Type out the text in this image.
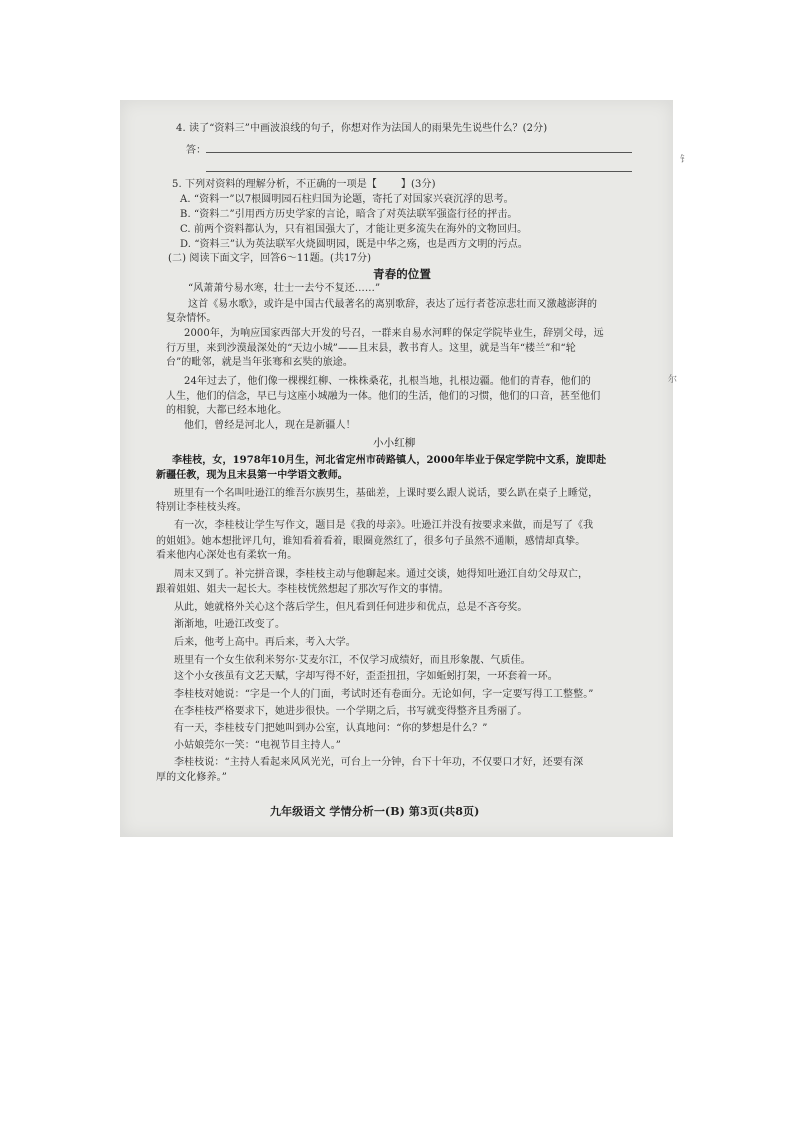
4. 读了“资料三”中画波浪线的句子，你想对作为法国人的雨果先生说些什么？(2分)
答：
5. 下列对资料的理解分析，不正确的一项是【 】(3分)
A. “资料一”以7根圆明园石柱归国为论题，寄托了对国家兴衰沉浮的思考。
B. “资料二”引用西方历史学家的言论，暗含了对英法联军强盗行径的抨击。
C. 前两个资料都认为，只有祖国强大了，才能让更多流失在海外的文物回归。
D. “资料三”认为英法联军火烧圆明园，既是中华之殇，也是西方文明的污点。
(二) 阅读下面文字，回答6～11题。(共17分)
青春的位置
“风萧萧兮易水寒，壮士一去兮不复还……”
这首《易水歌》，或许是中国古代最著名的离别歌辞，表达了远行者苍凉悲壮而又激越澎湃的
复杂情怀。
2000年，为响应国家西部大开发的号召，一群来自易水河畔的保定学院毕业生，辞别父母，远
行万里，来到沙漠最深处的“天边小城”——且末县，教书育人。这里，就是当年“楼兰”和“轮
台”的毗邻，就是当年张骞和玄奘的旅途。
24年过去了，他们像一棵棵红柳、一株株桑花，扎根当地，扎根边疆。他们的青春，他们的
人生，他们的信念，早已与这座小城融为一体。他们的生活，他们的习惯，他们的口音，甚至他们
的相貌，大都已经本地化。
他们，曾经是河北人，现在是新疆人！
小小红柳
李桂枝，女，1978年10月生，河北省定州市砖路镇人，2000年毕业于保定学院中文系，旋即赴
新疆任教，现为且末县第一中学语文教师。
班里有一个名叫吐逊江的维吾尔族男生，基础差，上课时要么跟人说话，要么趴在桌子上睡觉，
特别让李桂枝头疼。
有一次，李桂枝让学生写作文，题目是《我的母亲》。吐逊江并没有按要求来做，而是写了《我
的姐姐》。她本想批评几句，谁知看着看着，眼圈竟然红了，很多句子虽然不通顺，感情却真挚。
看来他内心深处也有柔软一角。
周末又到了。补完拼音课，李桂枝主动与他聊起来。通过交谈，她得知吐逊江自幼父母双亡，
跟着姐姐、姐夫一起长大。李桂枝恍然想起了那次写作文的事情。
从此，她就格外关心这个落后学生，但凡看到任何进步和优点，总是不吝夸奖。
渐渐地，吐逊江改变了。
后来，他考上高中。再后来，考入大学。
班里有一个女生依利米努尔·艾麦尔江，不仅学习成绩好，而且形象靓、气质佳。
这个小女孩虽有文艺天赋，字却写得不好，歪歪扭扭，字如蚯蚓打架，一环套着一环。
李桂枝对她说：“字是一个人的门面，考试时还有卷面分。无论如何，字一定要写得工工整整。”
在李桂枝严格要求下，她进步很快。一个学期之后，书写就变得整齐且秀丽了。
有一天，李桂枝专门把她叫到办公室，认真地问：“你的梦想是什么？”
小姑娘莞尔一笑：“电视节目主持人。”
李桂枝说：“主持人看起来风风光光，可台上一分钟，台下十年功，不仅要口才好，还要有深
厚的文化修养。”
九年级语文 学情分析一(B) 第3页(共8页)
钅
尔
